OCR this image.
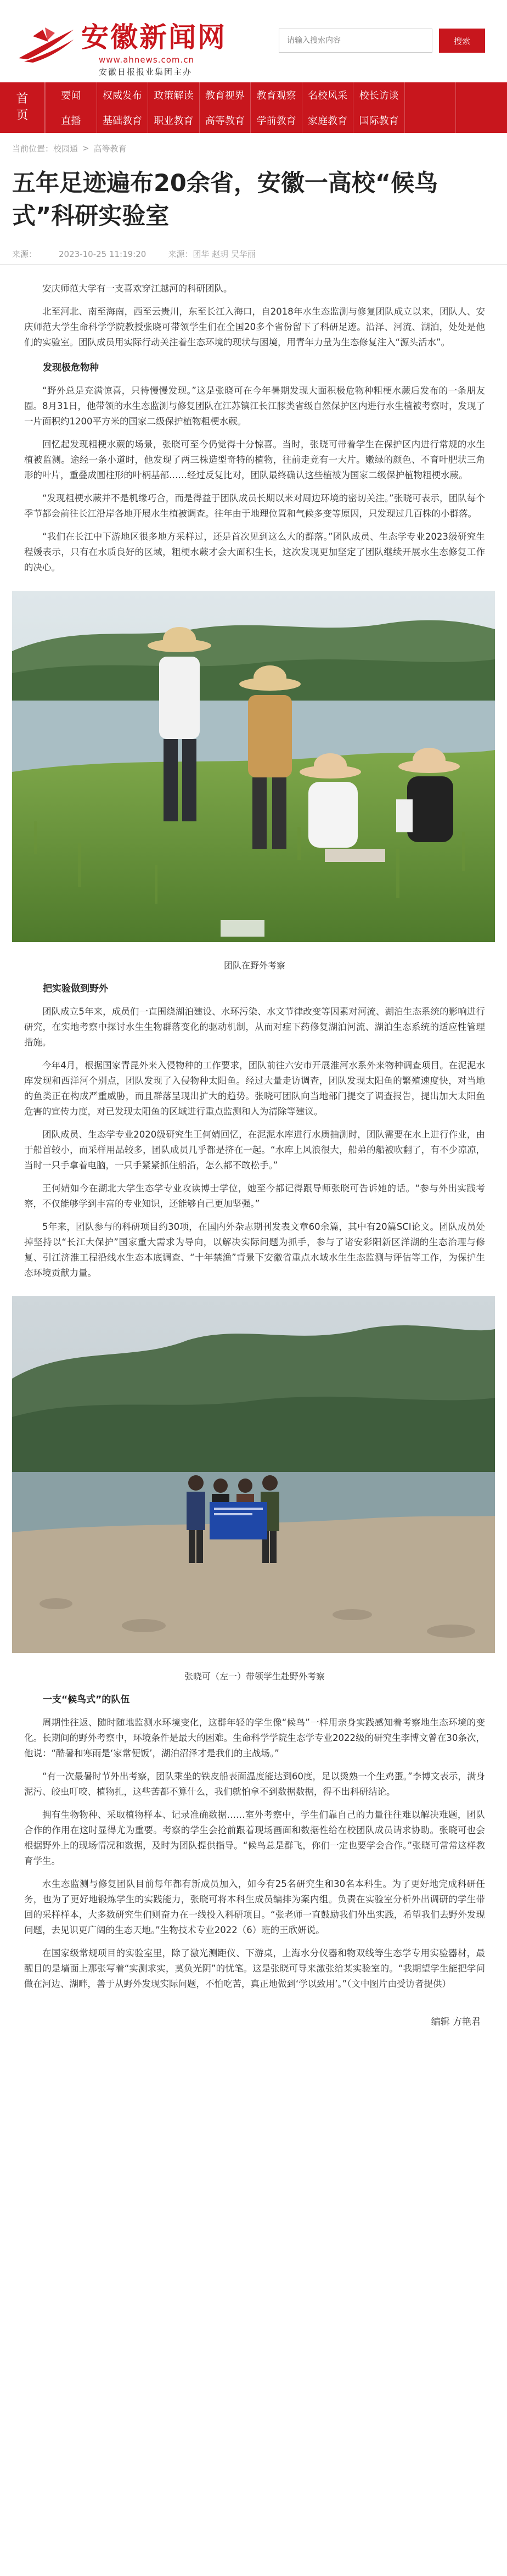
安徽新闻网
www.ahnews.com.cn
安徽日报报业集团主办
请输入搜索内容
搜索
首页
要闻	权威发布	政策解读	教育视界	教育观察	名校风采	校长访谈
直播	基础教育	职业教育	高等教育	学前教育	家庭教育	国际教育
当前位置： 校园通 > 高等教育
五年足迹遍布20余省，安徽一高校“候鸟式”科研实验室
来源：	2023-10-25 11:19:20	来源：团华 赵玥 吴华丽

安庆师范大学有一支喜欢穿江越河的科研团队。

北至河北、南至海南，西至云贵川，东至长江入海口，自2018年水生态监测与修复团队成立以来，团队人、安庆师范大学生命科学学院教授张晓可带领学生们在全国20多个省份留下了科研足迹。沿泽、河流、湖泊，处处是他们的实验室。团队成员用实际行动关注着生态环境的现状与困境，用青年力量为生态修复注入“源头活水”。

发现极危物种

“野外总是充满惊喜，只待慢慢发现。”这是张晓可在今年暑期发现大面积极危物种粗梗水蕨后发布的一条朋友圈。8月31日，他带领的水生态监测与修复团队在江苏镇江长江豚类省级自然保护区内进行水生植被考察时，发现了一片面积约1200平方米的国家二级保护植物粗梗水蕨。

回忆起发现粗梗水蕨的场景，张晓可至今仍觉得十分惊喜。当时，张晓可带着学生在保护区内进行常规的水生植被监测。途经一条小道时，他发现了两三株造型奇特的植物，往前走竟有一大片。嫩绿的颜色、不育叶肥状三角形的叶片，重叠成圆柱形的叶柄基部……经过反复比对，团队最终确认这些植被为国家二级保护植物粗梗水蕨。

“发现粗梗水蕨并不是机缘巧合，而是得益于团队成员长期以来对周边环境的密切关注。”张晓可表示，团队每个季节都会前往长江沿岸各地开展水生植被调查。往年由于地理位置和气候多变等原因，只发现过几百株的小群落。

“我们在长江中下游地区很多地方采样过，还是首次见到这么大的群落。”团队成员、生态学专业2023级研究生程媛表示，只有在水质良好的区域，粗梗水蕨才会大面积生长，这次发现更加坚定了团队继续开展水生态修复工作的决心。

团队在野外考察

把实验做到野外

团队成立5年来，成员们一直围绕湖泊建设、水环污染、水文节律改变等因素对河流、湖泊生态系统的影响进行研究，在实地考察中探讨水生生物群落变化的驱动机制，从而对症下药修复湖泊河流、湖泊生态系统的适应性管理措施。

今年4月，根据国家青昆外来入侵物种的工作要求，团队前往六安市开展淮河水系外来物种调查项目。在泥泥水库发现和西洋河个别点，团队发现了入侵物种太阳鱼。经过大量走访调查，团队发现太阳鱼的繁殖速度快，对当地的鱼类正在构成严重威胁，而且群落呈现出扩大的趋势。张晓可团队向当地部门提交了调查报告，提出加大太阳鱼危害的宣传力度，对已发现太阳鱼的区域进行重点监测和人为清除等建议。

团队成员、生态学专业2020级研究生王何婧回忆，在泥泥水库进行水质抽测时，团队需要在水上进行作业，由于船首较小，而采样用品较多，团队成员几乎都是挤在一起。“水库上风浪很大，船弟的船被吹翻了，有不少凉凉，当时一只手拿着电脑，一只手紧紧抓住船沿，怎么都不敢松手。”

王何婧如今在湖北大学生态学专业攻读博士学位，她至今都记得跟导师张晓可告诉她的话。“参与外出实践考察，不仅能够学到丰富的专业知识，还能够自己更加坚强。”

5年来，团队参与的科研项目约30项，在国内外杂志期刊发表文章60余篇，其中有20篇SCI论文。团队成员处掉坚持以“长江大保护”国家重大需求为导向，以解决实际问题为抓手，参与了诸安彩阳新区洋湖的生态治理与修复、引江济淮工程沿线水生态本底调查、“十年禁渔”背景下安徽省重点水域水生生态监测与评估等工作，为保护生态环境贡献力量。

张晓可（左一）带领学生赴野外考察

一支“候鸟式”的队伍

周期性往返、随时随地监测水环境变化，这群年轻的学生像“候鸟”一样用亲身实践感知着考察地生态环境的变化。长期间的野外考察中，环境条件是最大的困难。生命科学学院生态学专业2022级的研究生李博文曾在30条次，他说：“酷暑和寒雨是‘家常便饭’，湖泊沼泽才是我们的主战场。”

“有一次最暑时节外出考察，团队乘坐的铁皮船表面温度能达到60度，足以烫熟一个生鸡蛋。”李博文表示，满身泥污、皎虫叮咬、植物扎，这些苦都不算什么，我们就怕拿不到数据数据，得不出科研结论。

拥有生物物种、采取植物样本、记录准确数据……室外考察中，学生们靠自己的力量往往难以解决难题，团队合作的作用在这时显得尤为重要。考察的学生会抢前跟着现场画面和数据性给在校团队成员请求协助。张晓可也会根据野外上的现场情况和数据，及时为团队提供指导。“候鸟总是群飞，你们一定也要学会合作。”张晓可常常这样教育学生。

水生态监测与修复团队目前每年都有新成员加入，如今有25名研究生和30名本科生。为了更好地完成科研任务，也为了更好地锻炼学生的实践能力，张晓可将本科生成员编排为案内组。负责在实验室分析外出调研的学生带回的采样样本，大多数研究生们则奋力在一线投入科研项目。“张老师一直鼓励我们外出实践，希望我们去野外发现问题，去见识更广阔的生态天地。”生物技术专业2022（6）班的王欣妍说。

在国家级常规项目的实验室里，除了激光测距仪、下游桌，上海水分仪器和物双线等生态学专用实验器材，最醒目的是墙面上那张写着“实测求实，莫负光阴”的忧笔。这是张晓可导来激张给某实验室的。“我期望学生能把学问做在河边、湖畔，善于从野外发现实际问题，不怕吃苦，真正地做到‘学以致用’。”（文中图片由受访者提供）

编辑 方艳君
